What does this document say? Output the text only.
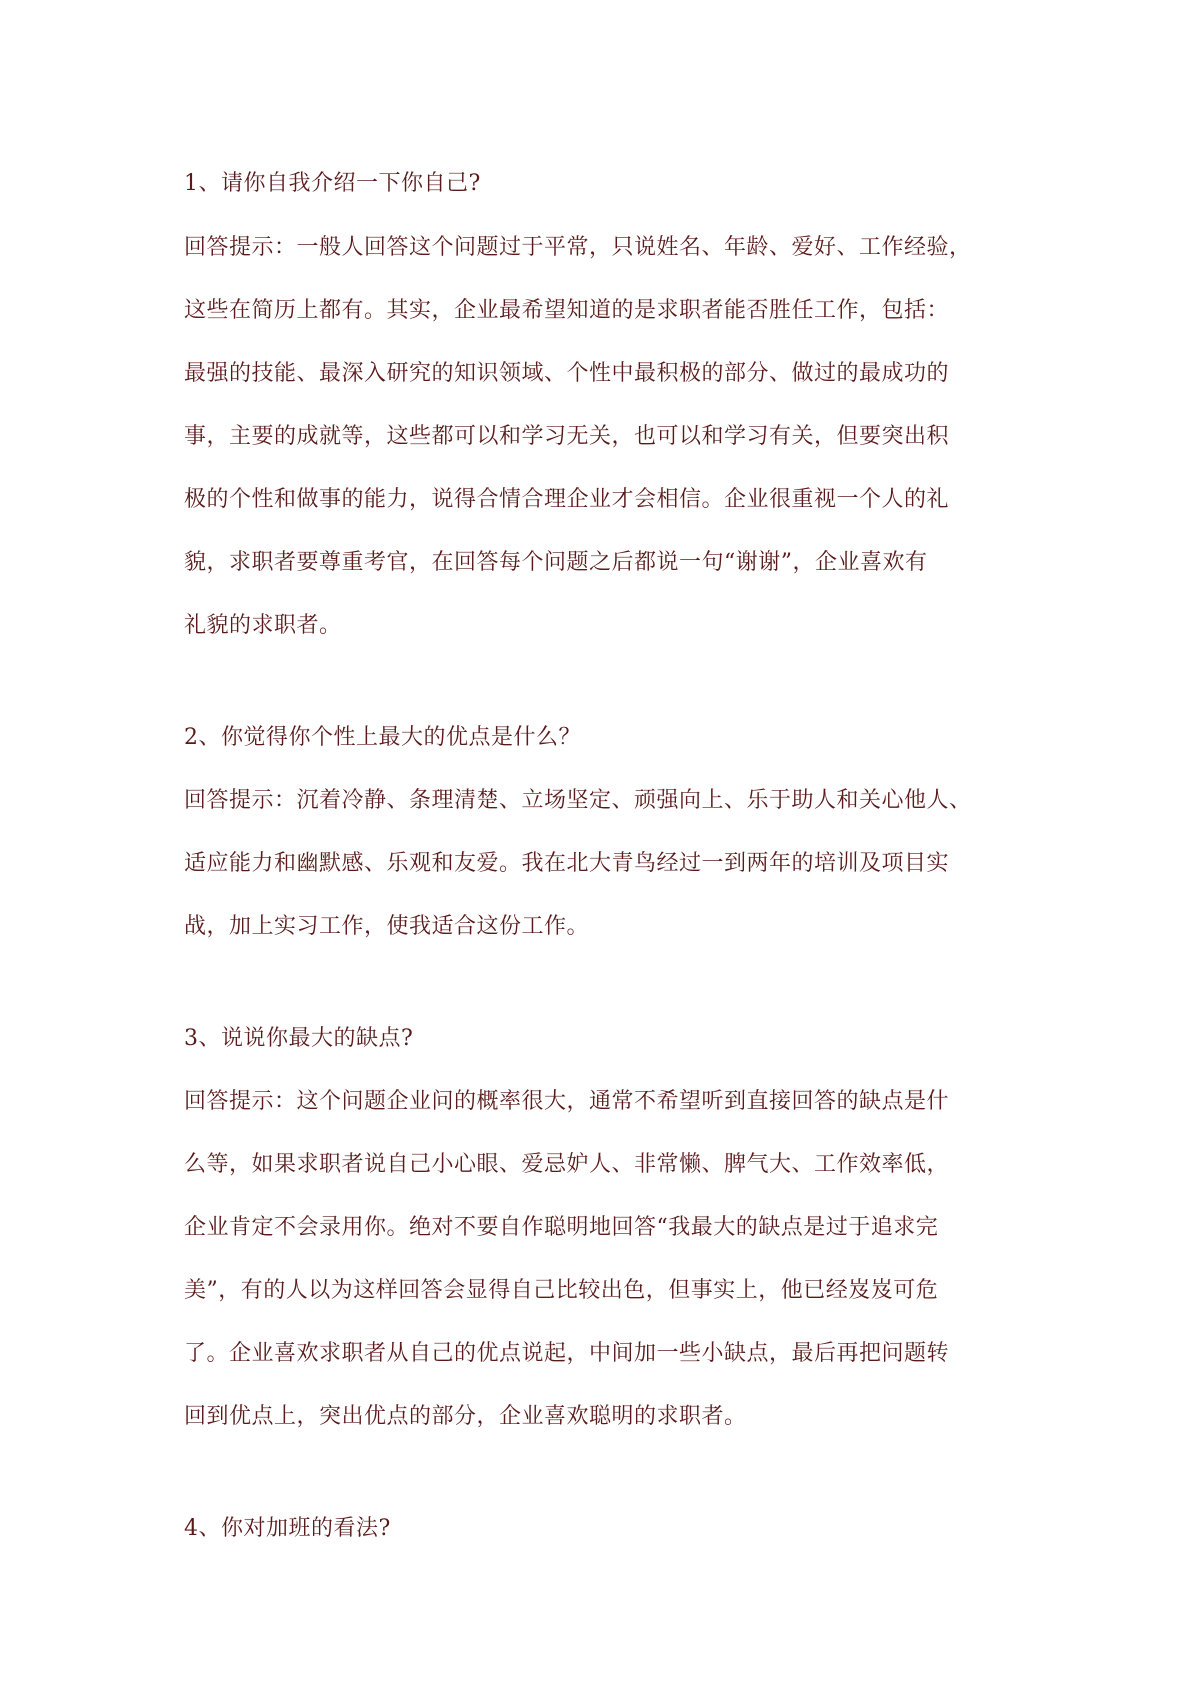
1、请你自我介绍一下你自己?
回答提示：一般人回答这个问题过于平常，只说姓名、年龄、爱好、工作经验，
这些在简历上都有。其实，企业最希望知道的是求职者能否胜任工作，包括：
最强的技能、最深入研究的知识领域、个性中最积极的部分、做过的最成功的
事，主要的成就等，这些都可以和学习无关，也可以和学习有关，但要突出积
极的个性和做事的能力，说得合情合理企业才会相信。企业很重视一个人的礼
貌，求职者要尊重考官，在回答每个问题之后都说一句“谢谢”，企业喜欢有
礼貌的求职者。
2、你觉得你个性上最大的优点是什么？
回答提示：沉着冷静、条理清楚、立场坚定、顽强向上、乐于助人和关心他人、
适应能力和幽默感、乐观和友爱。我在北大青鸟经过一到两年的培训及项目实
战，加上实习工作，使我适合这份工作。
3、说说你最大的缺点?
回答提示：这个问题企业问的概率很大，通常不希望听到直接回答的缺点是什
么等，如果求职者说自己小心眼、爱忌妒人、非常懒、脾气大、工作效率低，
企业肯定不会录用你。绝对不要自作聪明地回答“我最大的缺点是过于追求完
美”，有的人以为这样回答会显得自己比较出色，但事实上，他已经岌岌可危
了。企业喜欢求职者从自己的优点说起，中间加一些小缺点，最后再把问题转
回到优点上，突出优点的部分，企业喜欢聪明的求职者。
4、你对加班的看法?
